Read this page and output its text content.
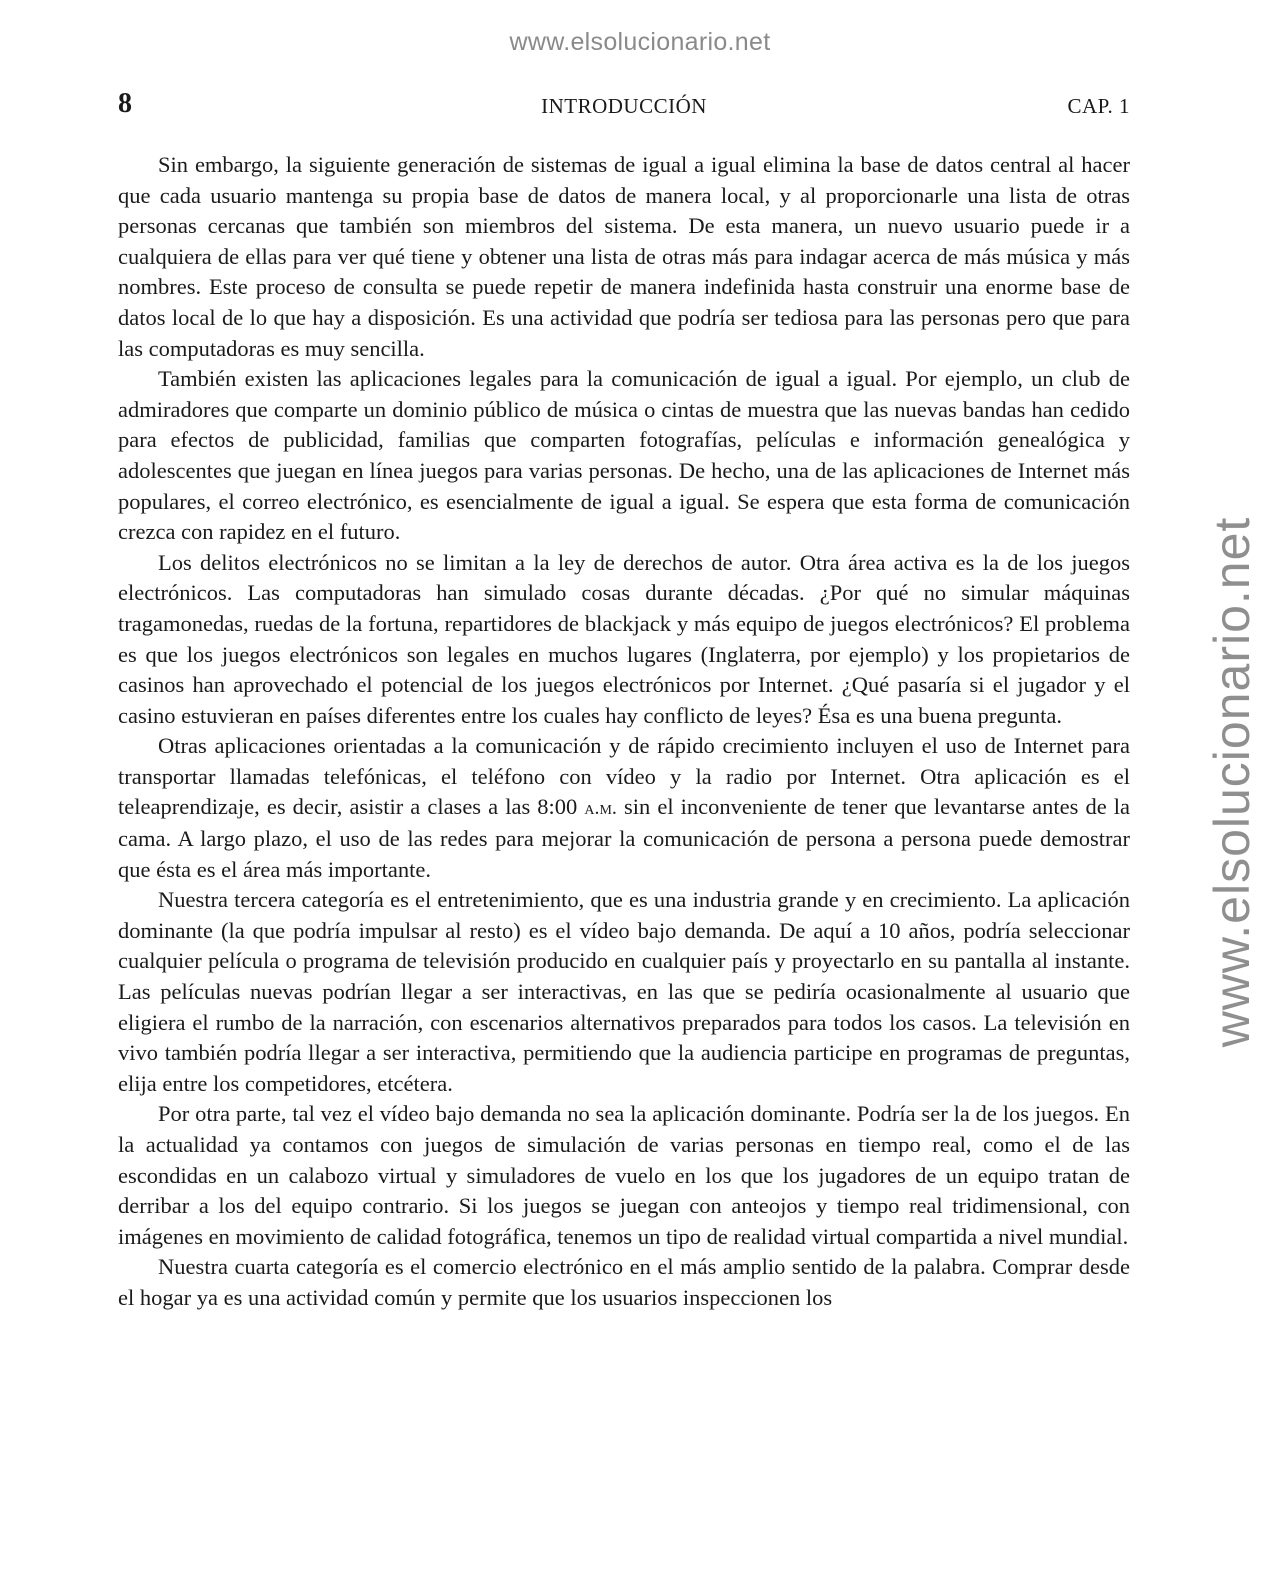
www.elsolucionario.net
www.elsolucionario.net
8	INTRODUCCIÓN	CAP. 1

Sin embargo, la siguiente generación de sistemas de igual a igual elimina la base de datos central al hacer que cada usuario mantenga su propia base de datos de manera local, y al proporcionarle una lista de otras personas cercanas que también son miembros del sistema. De esta manera, un nuevo usuario puede ir a cualquiera de ellas para ver qué tiene y obtener una lista de otras más para indagar acerca de más música y más nombres. Este proceso de consulta se puede repetir de manera indefinida hasta construir una enorme base de datos local de lo que hay a disposición. Es una actividad que podría ser tediosa para las personas pero que para las computadoras es muy sencilla.

También existen las aplicaciones legales para la comunicación de igual a igual. Por ejemplo, un club de admiradores que comparte un dominio público de música o cintas de muestra que las nuevas bandas han cedido para efectos de publicidad, familias que comparten fotografías, películas e información genealógica y adolescentes que juegan en línea juegos para varias personas. De hecho, una de las aplicaciones de Internet más populares, el correo electrónico, es esencialmente de igual a igual. Se espera que esta forma de comunicación crezca con rapidez en el futuro.

Los delitos electrónicos no se limitan a la ley de derechos de autor. Otra área activa es la de los juegos electrónicos. Las computadoras han simulado cosas durante décadas. ¿Por qué no simular máquinas tragamonedas, ruedas de la fortuna, repartidores de blackjack y más equipo de juegos electrónicos? El problema es que los juegos electrónicos son legales en muchos lugares (Inglaterra, por ejemplo) y los propietarios de casinos han aprovechado el potencial de los juegos electrónicos por Internet. ¿Qué pasaría si el jugador y el casino estuvieran en países diferentes entre los cuales hay conflicto de leyes? Ésa es una buena pregunta.

Otras aplicaciones orientadas a la comunicación y de rápido crecimiento incluyen el uso de Internet para transportar llamadas telefónicas, el teléfono con vídeo y la radio por Internet. Otra aplicación es el teleaprendizaje, es decir, asistir a clases a las 8:00 a.m. sin el inconveniente de tener que levantarse antes de la cama. A largo plazo, el uso de las redes para mejorar la comunicación de persona a persona puede demostrar que ésta es el área más importante.

Nuestra tercera categoría es el entretenimiento, que es una industria grande y en crecimiento. La aplicación dominante (la que podría impulsar al resto) es el vídeo bajo demanda. De aquí a 10 años, podría seleccionar cualquier película o programa de televisión producido en cualquier país y proyectarlo en su pantalla al instante. Las películas nuevas podrían llegar a ser interactivas, en las que se pediría ocasionalmente al usuario que eligiera el rumbo de la narración, con escenarios alternativos preparados para todos los casos. La televisión en vivo también podría llegar a ser interactiva, permitiendo que la audiencia participe en programas de preguntas, elija entre los competidores, etcétera.

Por otra parte, tal vez el vídeo bajo demanda no sea la aplicación dominante. Podría ser la de los juegos. En la actualidad ya contamos con juegos de simulación de varias personas en tiempo real, como el de las escondidas en un calabozo virtual y simuladores de vuelo en los que los jugadores de un equipo tratan de derribar a los del equipo contrario. Si los juegos se juegan con anteojos y tiempo real tridimensional, con imágenes en movimiento de calidad fotográfica, tenemos un tipo de realidad virtual compartida a nivel mundial.

Nuestra cuarta categoría es el comercio electrónico en el más amplio sentido de la palabra. Comprar desde el hogar ya es una actividad común y permite que los usuarios inspeccionen los
